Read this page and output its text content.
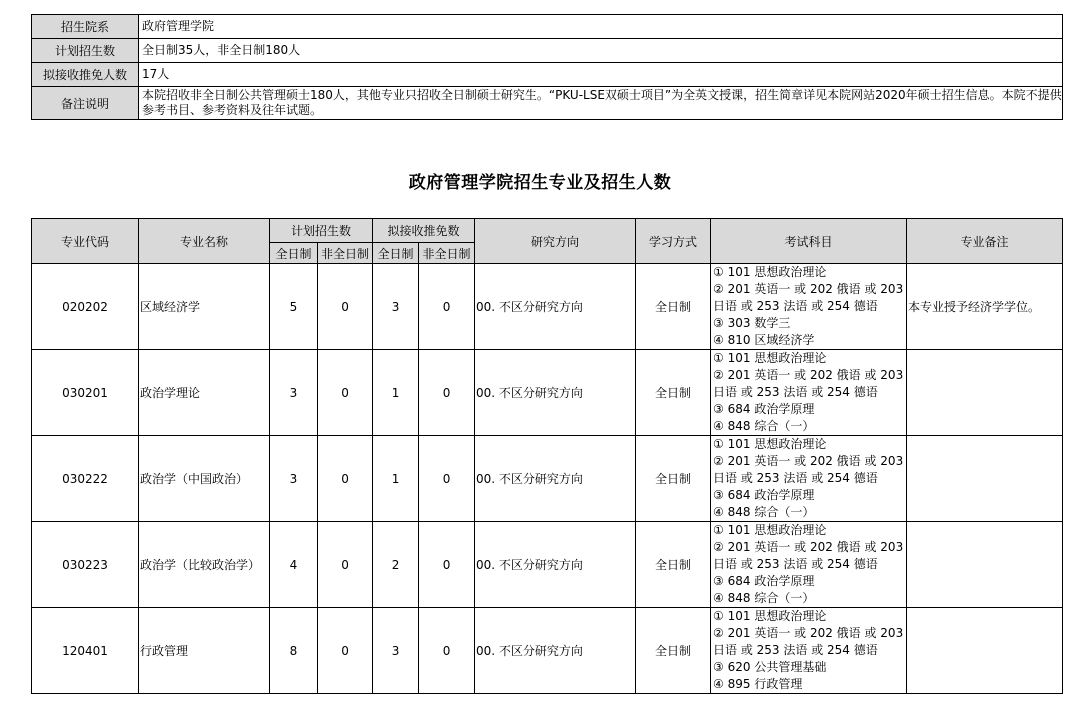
招生院系	政府管理学院
计划招生数	全日制35人，非全日制180人
拟接收推免人数	17人
备注说明	本院招收非全日制公共管理硕士180人，其他专业只招收全日制硕士研究生。“PKU-LSE双硕士项目”为全英文授课，招生简章详见本院网站2020年硕士招生信息。本院不提供参考书目、参考资料及往年试题。
政府管理学院招生专业及招生人数
专业代码	专业名称	计划招生数		拟接收推免数		研究方向	学习方式	考试科目	专业备注
		全日制	非全日制	全日制	非全日制				
020202	区域经济学	5	0	3	0	00. 不区分研究方向	全日制	① 101 思想政治理论
② 201 英语一 或 202 俄语 或 203
日语 或 253 法语 或 254 德语
③ 303 数学三
④ 810 区域经济学	本专业授予经济学学位。
030201	政治学理论	3	0	1	0	00. 不区分研究方向	全日制	① 101 思想政治理论
② 201 英语一 或 202 俄语 或 203
日语 或 253 法语 或 254 德语
③ 684 政治学原理
④ 848 综合（一）	

030222	政治学（中国政治）	3	0	1	0	00. 不区分研究方向	全日制	① 101 思想政治理论
② 201 英语一 或 202 俄语 或 203
日语 或 253 法语 或 254 德语
③ 684 政治学原理
④ 848 综合（一）	

030223	政治学（比较政治学）	4	0	2	0	00. 不区分研究方向	全日制	① 101 思想政治理论
② 201 英语一 或 202 俄语 或 203
日语 或 253 法语 或 254 德语
③ 684 政治学原理
④ 848 综合（一）	

120401	行政管理	8	0	3	0	00. 不区分研究方向	全日制	① 101 思想政治理论
② 201 英语一 或 202 俄语 或 203
日语 或 253 法语 或 254 德语
③ 620 公共管理基础
④ 895 行政管理	
